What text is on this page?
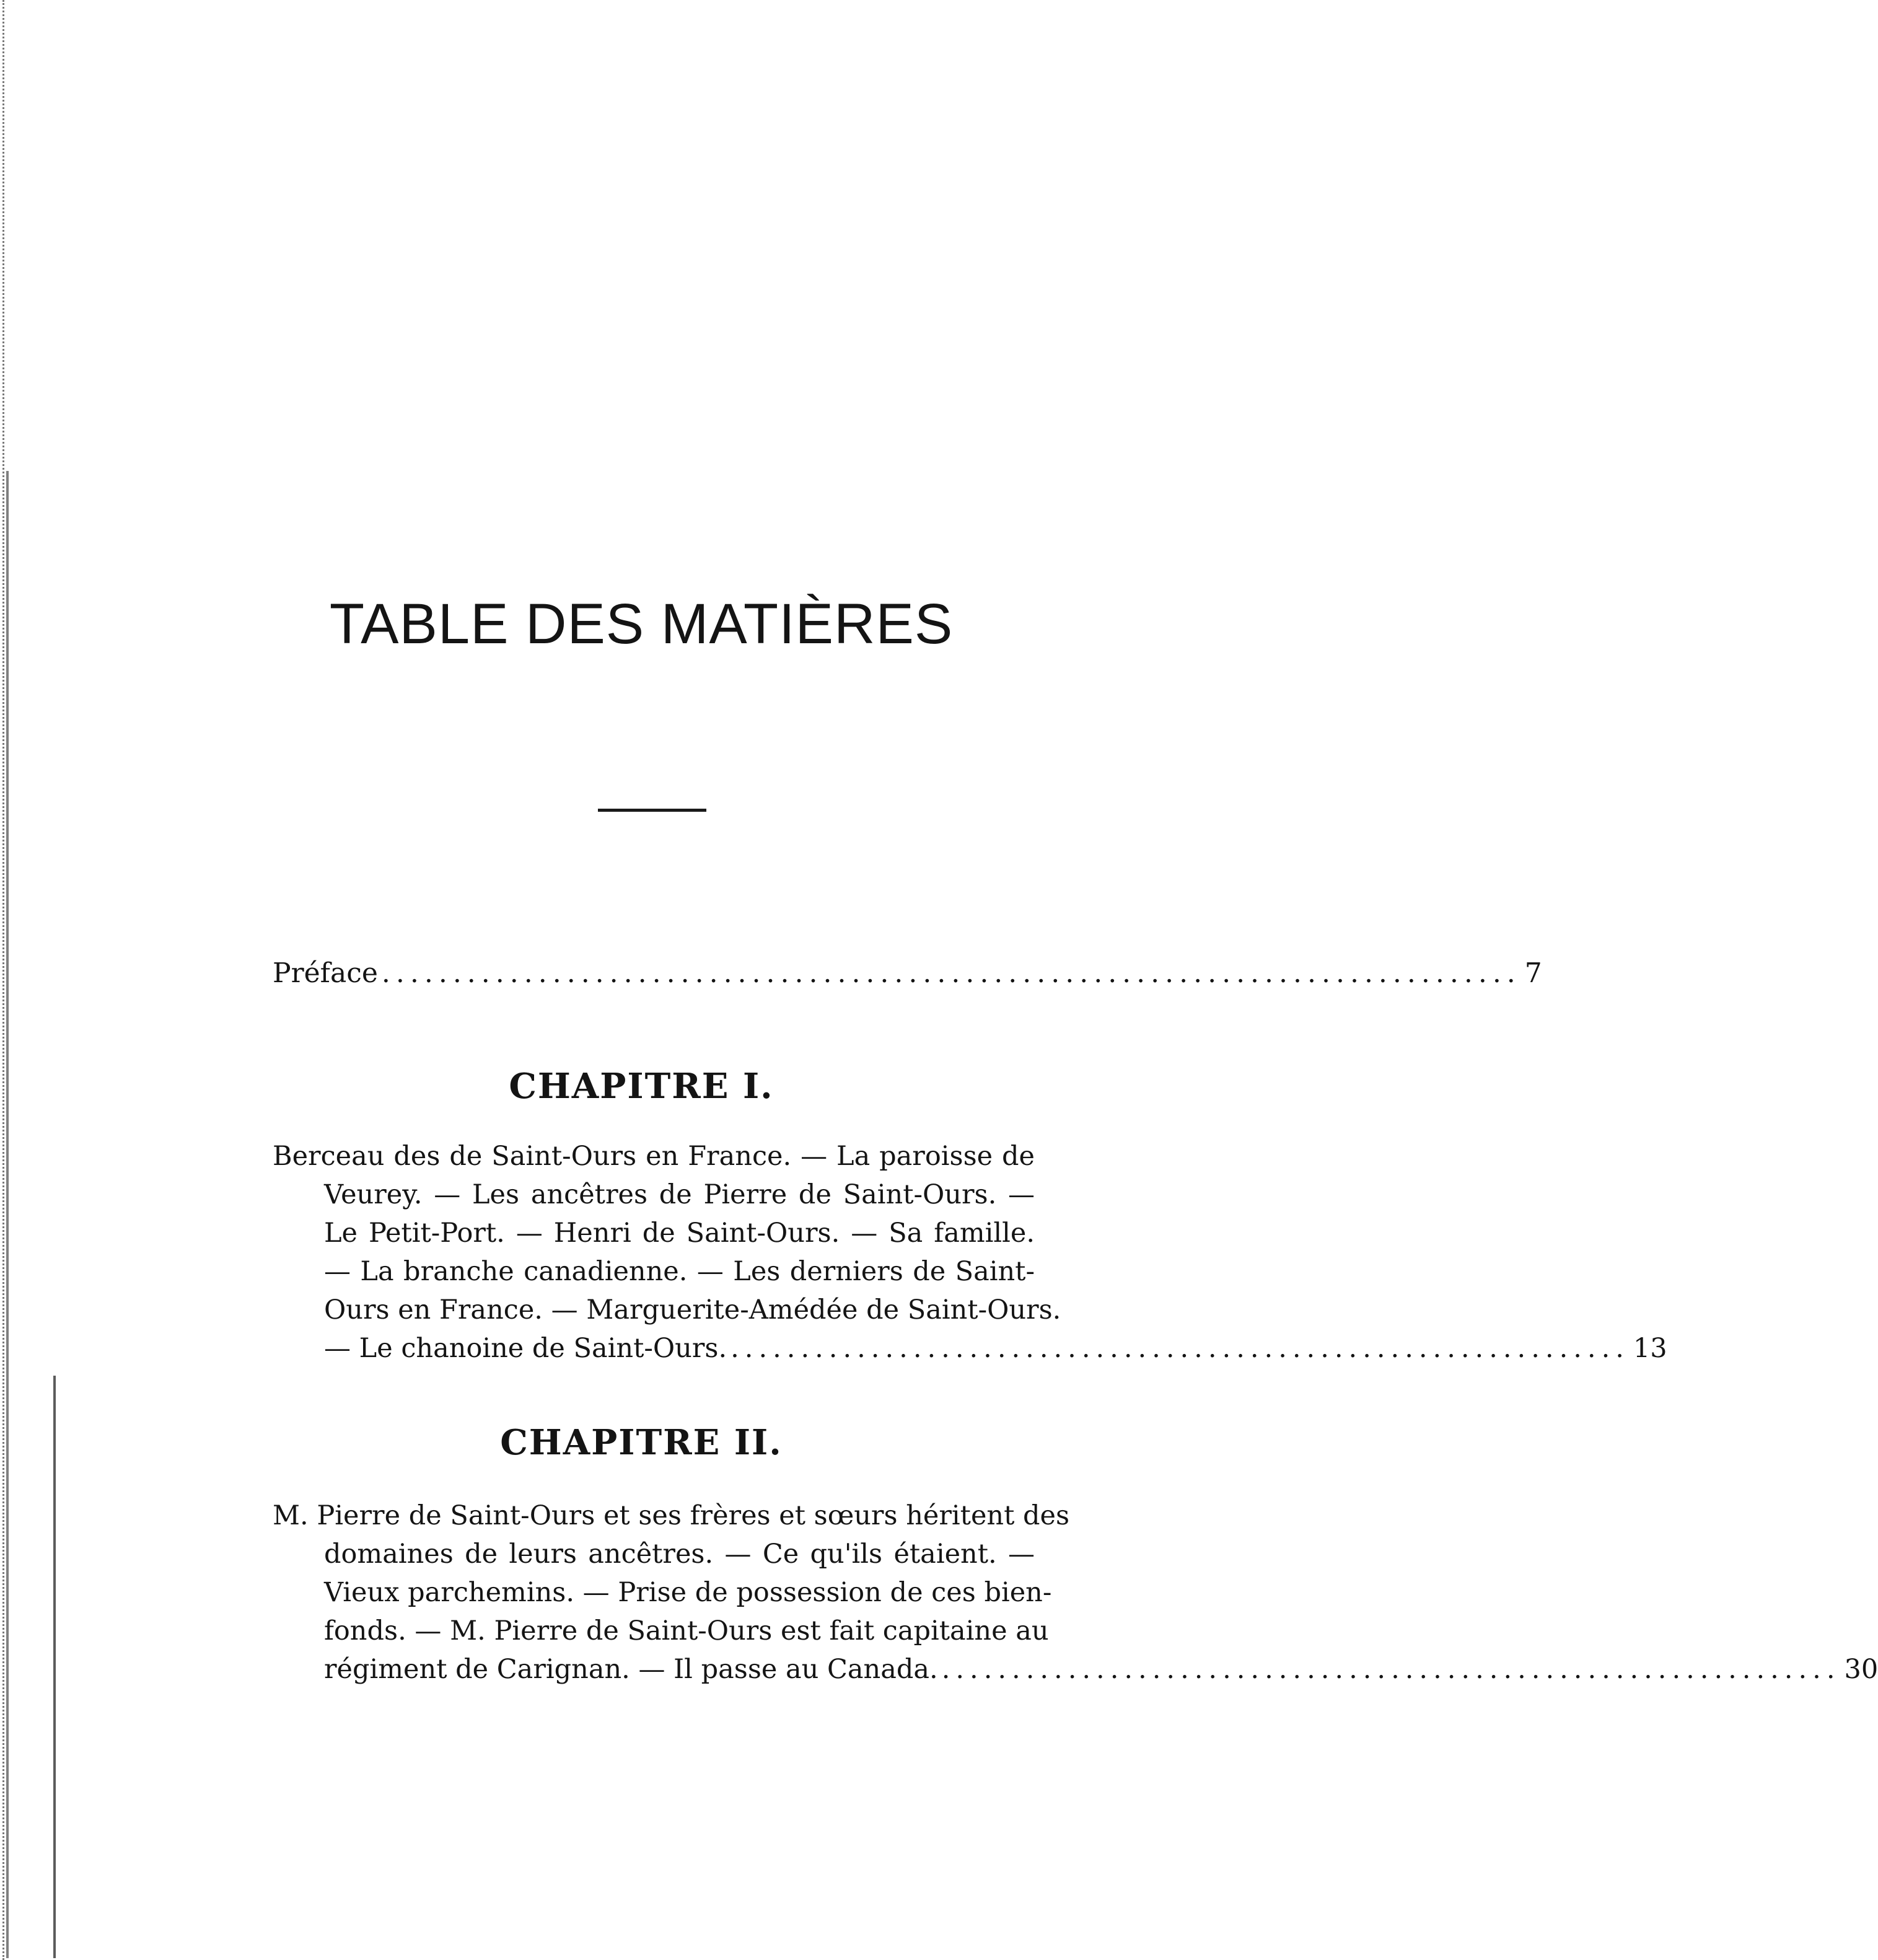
TABLE DES MATIÈRES
Préface ................................................................................ 7
CHAPITRE I.
Berceau des de Saint-Ours en France. — La paroisse de
Veurey. — Les ancêtres de Pierre de Saint-Ours. —
Le Petit-Port. — Henri de Saint-Ours. — Sa famille.
— La branche canadienne. — Les derniers de Saint-
Ours en France. — Marguerite-Amédée de Saint-Ours.
— Le chanoine de Saint-Ours. ................................................................ 13
CHAPITRE II.
M. Pierre de Saint-Ours et ses frères et sœurs héritent des
domaines de leurs ancêtres. — Ce qu'ils étaient. —
Vieux parchemins. — Prise de possession de ces bien-
fonds. — M. Pierre de Saint-Ours est fait capitaine au
régiment de Carignan. — Il passe au Canada. ................................................................ 30
